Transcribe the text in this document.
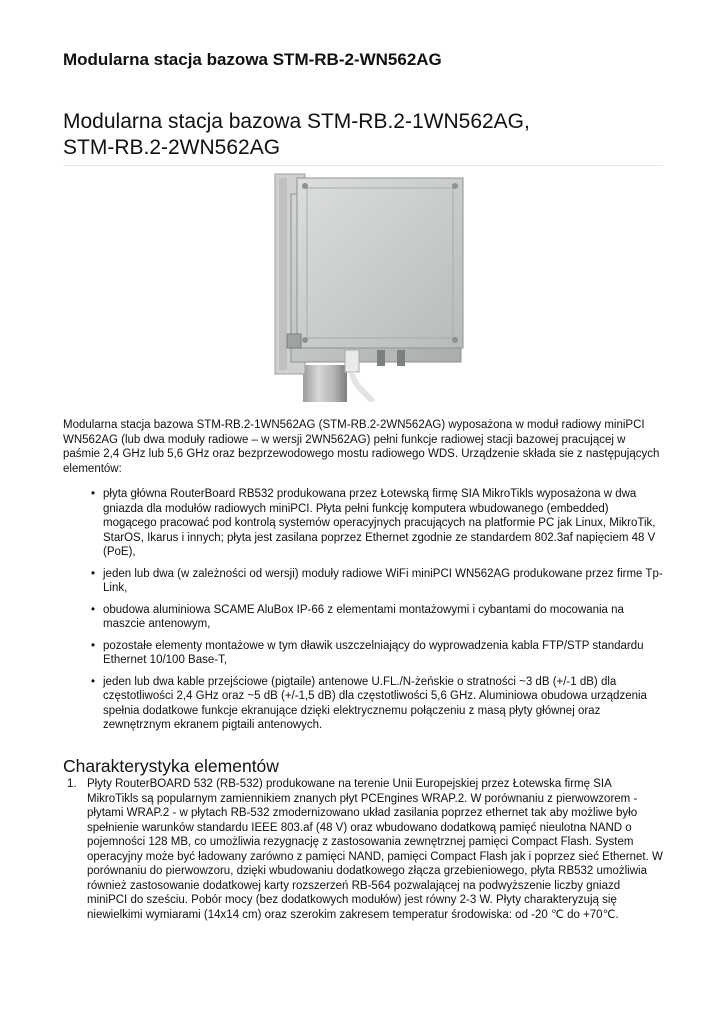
Modularna stacja bazowa STM-RB-2-WN562AG
Modularna stacja bazowa STM-RB.2-1WN562AG,
STM-RB.2-2WN562AG

Modularna stacja bazowa STM-RB.2-1WN562AG (STM-RB.2-2WN562AG) wyposażona w moduł radiowy miniPCI WN562AG (lub dwa moduły radiowe – w wersji 2WN562AG) pełni funkcje radiowej stacji bazowej pracującej w paśmie 2,4 GHz lub 5,6 GHz oraz bezprzewodowego mostu radiowego WDS. Urządzenie składa sie z następujących elementów:

• płyta główna RouterBoard RB532 produkowana przez Łotewską firmę SIA MikroTikls wyposażona w dwa gniazda dla modułów radiowych miniPCI. Płyta pełni funkcję komputera wbudowanego (embedded) mogącego pracować pod kontrolą systemów operacyjnych pracujących na platformie PC jak Linux, MikroTik, StarOS, Ikarus i innych; płyta jest zasilana poprzez Ethernet zgodnie ze standardem 802.3af napięciem 48 V (PoE),
• jeden lub dwa (w zależności od wersji) moduły radiowe WiFi miniPCI WN562AG produkowane przez firme Tp-Link,
• obudowa aluminiowa SCAME AluBox IP-66 z elementami montażowymi i cybantami do mocowania na maszcie antenowym,
• pozostałe elementy montażowe w tym dławik uszczelniający do wyprowadzenia kabla FTP/STP standardu Ethernet 10/100 Base-T,
• jeden lub dwa kable przejściowe (pigtaile) antenowe U.FL./N-żeńskie o stratności ~3 dB (+/-1 dB) dla częstotliwości 2,4 GHz oraz ~5 dB (+/-1,5 dB) dla częstotliwości 5,6 GHz. Aluminiowa obudowa urządzenia spełnia dodatkowe funkcje ekranujące dzięki elektrycznemu połączeniu z masą płyty głównej oraz zewnętrznym ekranem pigtaili antenowych.
Charakterystyka elementów
1. Płyty RouterBOARD 532 (RB-532) produkowane na terenie Unii Europejskiej przez Łotewska firmę SIA MikroTikls są popularnym zamiennikiem znanych płyt PCEngines WRAP.2. W porównaniu z pierwowzorem - płytami WRAP.2 - w płytach RB-532 zmodernizowano układ zasilania poprzez ethernet tak aby możliwe było spełnienie warunków standardu IEEE 803.af (48 V) oraz wbudowano dodatkową pamięć nieulotna NAND o pojemności 128 MB, co umożliwia rezygnację z zastosowania zewnętrznej pamięci Compact Flash. System operacyjny może być ładowany zarówno z pamięci NAND, pamięci Compact Flash jak i poprzez sieć Ethernet. W porównaniu do pierwowzoru, dzięki wbudowaniu dodatkowego złącza grzebieniowego, płyta RB532 umożliwia również zastosowanie dodatkowej karty rozszerzeń RB-564 pozwalającej na podwyższenie liczby gniazd miniPCI do sześciu. Pobór mocy (bez dodatkowych modułów) jest równy 2-3 W. Płyty charakteryzują się niewielkimi wymiarami (14x14 cm) oraz szerokim zakresem temperatur środowiska: od -20 ℃ do +70℃.
